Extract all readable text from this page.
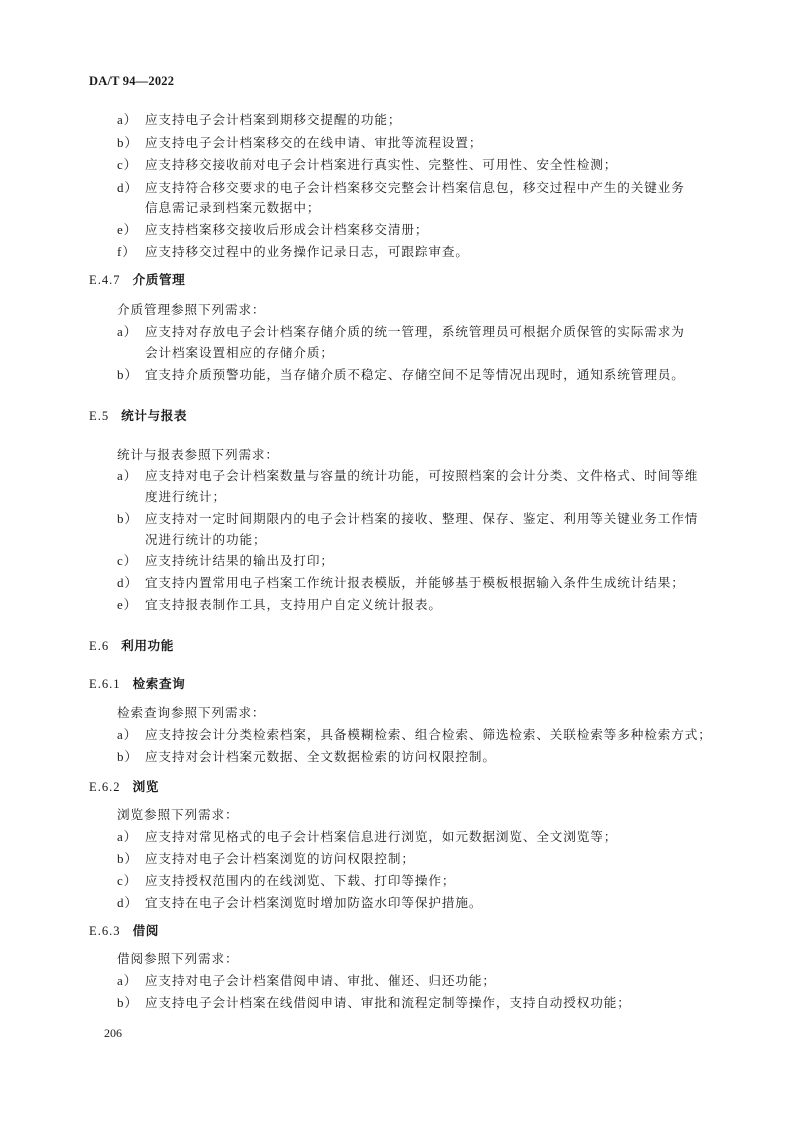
DA/T 94—2022
a） 应支持电子会计档案到期移交提醒的功能；
b） 应支持电子会计档案移交的在线申请、审批等流程设置；
c） 应支持移交接收前对电子会计档案进行真实性、完整性、可用性、安全性检测；
d） 应支持符合移交要求的电子会计档案移交完整会计档案信息包，移交过程中产生的关键业务
信息需记录到档案元数据中；
e） 应支持档案移交接收后形成会计档案移交清册；
f） 应支持移交过程中的业务操作记录日志，可跟踪审查。
E.4.7 介质管理
介质管理参照下列需求：
a） 应支持对存放电子会计档案存储介质的统一管理，系统管理员可根据介质保管的实际需求为
会计档案设置相应的存储介质；
b） 宜支持介质预警功能，当存储介质不稳定、存储空间不足等情况出现时，通知系统管理员。
E.5 统计与报表
统计与报表参照下列需求：
a） 应支持对电子会计档案数量与容量的统计功能，可按照档案的会计分类、文件格式、时间等维
度进行统计；
b） 应支持对一定时间期限内的电子会计档案的接收、整理、保存、鉴定、利用等关键业务工作情
况进行统计的功能；
c） 应支持统计结果的输出及打印；
d） 宜支持内置常用电子档案工作统计报表模版，并能够基于模板根据输入条件生成统计结果；
e） 宜支持报表制作工具，支持用户自定义统计报表。
E.6 利用功能
E.6.1 检索查询
检索查询参照下列需求：
a） 应支持按会计分类检索档案，具备模糊检索、组合检索、筛选检索、关联检索等多种检索方式；
b） 应支持对会计档案元数据、全文数据检索的访问权限控制。
E.6.2 浏览
浏览参照下列需求：
a） 应支持对常见格式的电子会计档案信息进行浏览，如元数据浏览、全文浏览等；
b） 应支持对电子会计档案浏览的访问权限控制；
c） 应支持授权范围内的在线浏览、下载、打印等操作；
d） 宜支持在电子会计档案浏览时增加防盗水印等保护措施。
E.6.3 借阅
借阅参照下列需求：
a） 应支持对电子会计档案借阅申请、审批、催还、归还功能；
b） 应支持电子会计档案在线借阅申请、审批和流程定制等操作，支持自动授权功能；
206
